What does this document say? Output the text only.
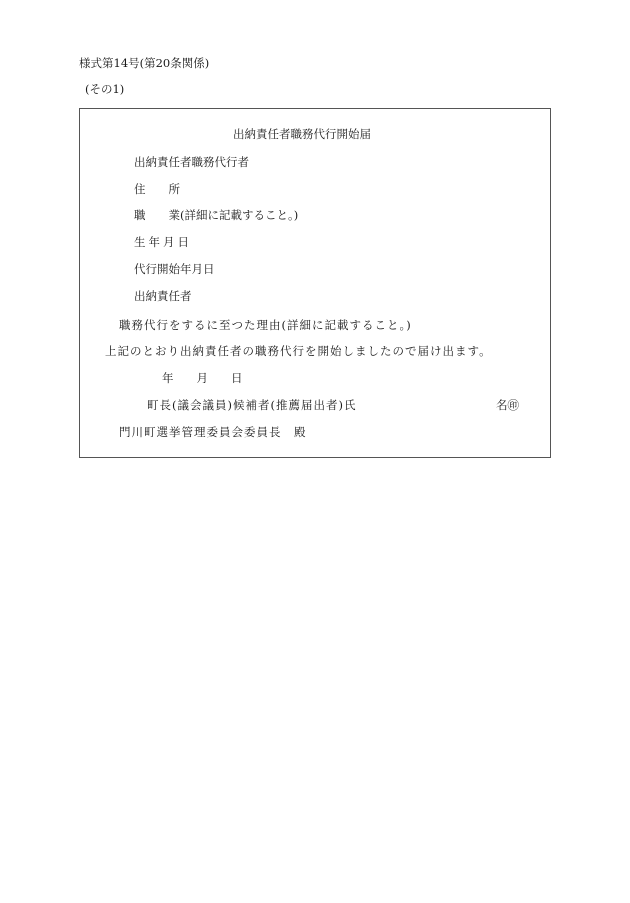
様式第14号(第20条関係)
(その1)
出納責任者職務代行開始届
出納責任者職務代行者
住　　所
職　　業(詳細に記載すること。)
生年月日
代行開始年月日
出納責任者
職務代行をするに至つた理由(詳細に記載すること。)
上記のとおり出納責任者の職務代行を開始しましたので届け出ます。
年　　月　　日
町長(議会議員)候補者(推薦届出者)氏	名㊞
門川町選挙管理委員会委員長　殿
